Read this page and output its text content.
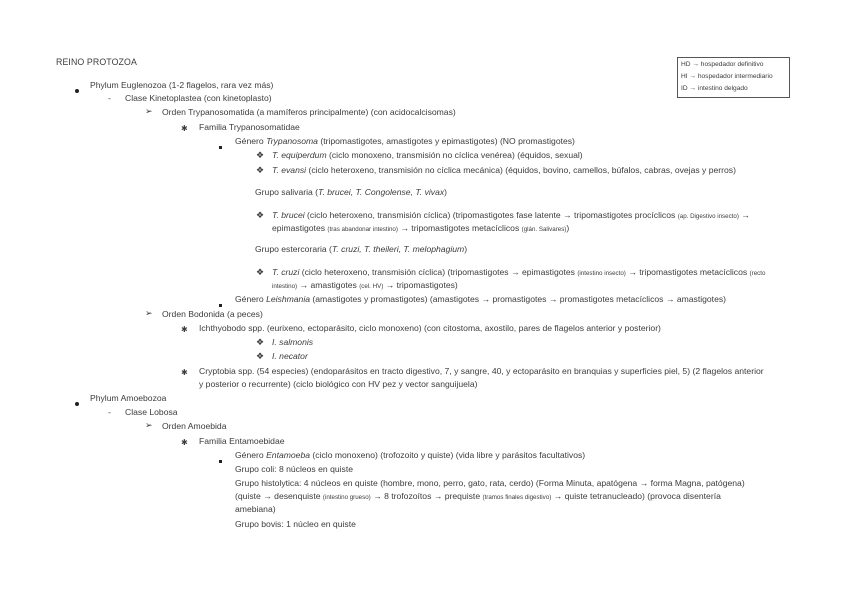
REINO PROTOZOA	HD → hospedador definitivo
HI → hospedador intermediario
ID → intestino delgado
Phylum Euglenozoa (1-2 flagelos, rara vez más)
- Clase Kinetoplastea (con kinetoplasto)
➢ Orden Trypanosomatida (a mamíferos principalmente) (con acidocalcisomas)
✱ Familia Trypanosomatidae
Género Trypanosoma (tripomastigotes, amastigotes y epimastigotes) (NO promastigotes)
❖ T. equiperdum (ciclo monoxeno, transmisión no cíclica venérea) (équidos, sexual)
❖ T. evansi (ciclo heteroxeno, transmisión no cíclica mecánica) (équidos, bovino, camellos, búfalos, cabras, ovejas y perros)
Grupo salivaria (T. brucei, T. Congolense, T. vivax)
❖ T. brucei (ciclo heteroxeno, transmisión cíclica) (tripomastigotes fase latente → tripomastigotes procíclicos (ap. Digestivo insecto) →
epimastigotes (tras abandonar intestino) → tripomastigotes metacíclicos (glán. Salivares))
Grupo estercoraria (T. cruzi, T. theileri, T. melophagium)
❖ T. cruzi (ciclo heteroxeno, transmisión cíclica) (tripomastigotes → epimastigotes (intestino insecto) → tripomastigotes metacíclicos (recto
intestino) → amastigotes (cel. HV) → tripomastigotes)
Género Leishmania (amastigotes y promastigotes) (amastigotes → promastigotes → promastigotes metacíclicos → amastigotes)
➢ Orden Bodonida (a peces)
✱ Ichthyobodo spp. (eurixeno, ectoparásito, ciclo monoxeno) (con citostoma, axostilo, pares de flagelos anterior y posterior)
❖ I. salmonis
❖ I. necator
✱ Cryptobia spp. (54 especies) (endoparásitos en tracto digestivo, 7, y sangre, 40, y ectoparásito en branquias y superficies piel, 5) (2 flagelos anterior
y posterior o recurrente) (ciclo biológico con HV pez y vector sanguijuela)
Phylum Amoebozoa
- Clase Lobosa
➢ Orden Amoebida
✱ Familia Entamoebidae
Género Entamoeba (ciclo monoxeno) (trofozoito y quiste) (vida libre y parásitos facultativos)
Grupo coli: 8 núcleos en quiste
Grupo histolytica: 4 núcleos en quiste (hombre, mono, perro, gato, rata, cerdo) (Forma Minuta, apatógena → forma Magna, patógena)
(quiste → desenquiste (intestino grueso) → 8 trofozoítos → prequiste (tramos finales digestivo) → quiste tetranucleado) (provoca disentería
amebiana)
Grupo bovis: 1 núcleo en quiste
